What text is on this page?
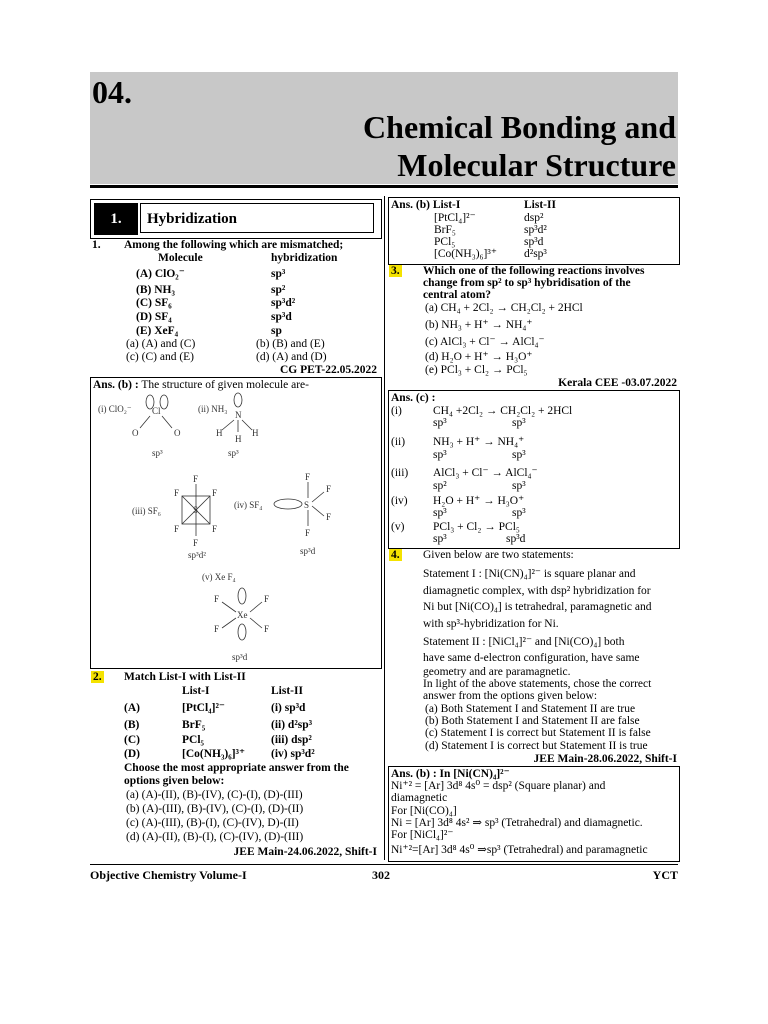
04.
Chemical Bonding and
Molecular Structure
1.	Hybridization
1. Among the following which are mismatched;
Molecule	hybridization
(A) ClO₂⁻	sp³
(B) NH₃	sp²
(C) SF₆	sp³d²
(D) SF₄	sp³d
(E) XeF₄	sp
(a) (A) and (C)	(b) (B) and (E)
(c) (C) and (E)	(d) (A) and (D)
CG PET-22.05.2022
Ans. (b) : The structure of given molecule are-
(i) ClO₂⁻ Cl
O	O
sp³
(ii) NH₃
N
H
H
H
sp³
(iii) SF₆
F
F
F	F
F	F
S
sp³d²
(iv) SF₄	S
F
F
F
F
sp³d
(v) Xe F₄
Xe
F	F
F	F
sp³d
2. Match List-I with List-II
List-I	List-II
(A)	[PtCl₄]²⁻	(i) sp³d
(B)	BrF₅	(ii) d²sp³
(C)	PCl₅	(iii) dsp²
(D)	[Co(NH₃)₆]³⁺ (iv) sp³d²
Choose the most appropriate answer from the
options given below:
(a) (A)-(II), (B)-(IV), (C)-(I), (D)-(III)
(b) (A)-(III), (B)-(IV), (C)-(I), (D)-(II)
(c) (A)-(III), (B)-(I), (C)-(IV), D)-(II)
(d) (A)-(II), (B)-(I), (C)-(IV), (D)-(III)
JEE Main-24.06.2022, Shift-I
Ans. (b) List-I	List-II
[PtCl₄]²⁻	dsp²
BrF₅	sp³d²
PCl₅	sp³d
[Co(NH₃)₆]³⁺ d²sp³
3. Which one of the following reactions involves
change from sp² to sp³ hybridisation of the
central atom?
(a) CH₄ + 2Cl₂ → CH₂Cl₂ + 2HCl
(b) NH₃ + H⁺ → NH₄⁺
(c) AlCl₃ + Cl⁻ → AlCl₄⁻
(d) H₂O + H⁺ → H₃O⁺
(e) PCl₃ + Cl₂ → PCl₅
Kerala CEE -03.07.2022
Ans. (c) :
(i)	CH₄ +2Cl₂ → CH₂Cl₂ + 2HCl
sp³	sp³
(ii) NH₃ + H⁺ → NH₄⁺
sp³	sp³
(iii) AlCl₃ + Cl⁻ → AlCl₄⁻
sp²	sp³
(iv) H₂O + H⁺ → H₃O⁺
sp³	sp³
(v) PCl₃ + Cl₂ → PCl₅
sp³	sp³d
4. Given below are two statements:
Statement I : [Ni(CN)₄]²⁻ is square planar and
diamagnetic complex, with dsp² hybridization for
Ni but [Ni(CO)₄] is tetrahedral, paramagnetic and
with sp³-hybridization for Ni.
Statement II : [NiCl₄]²⁻ and [Ni(CO)₄] both
have same d-electron configuration, have same
geometry and are paramagnetic.
In light of the above statements, chose the correct
answer from the options given below:
(a) Both Statement I and Statement II are true
(b) Both Statement I and Statement II are false
(c) Statement I is correct but Statement II is false
(d) Statement I is correct but Statement II is true
JEE Main-28.06.2022, Shift-I
Ans. (b) : In [Ni(CN)₄]²⁻
Ni⁺² = [Ar] 3d⁸ 4s⁰ = dsp² (Square planar) and
diamagnetic
For [Ni(CO)₄]
Ni = [Ar] 3d⁸ 4s² ⇒ sp³ (Tetrahedral) and diamagnetic.
For [NiCl₄]²⁻
Ni⁺²=[Ar] 3d⁸ 4s⁰ ⇒sp³ (Tetrahedral) and paramagnetic
Objective Chemistry Volume-I	302	YCT
